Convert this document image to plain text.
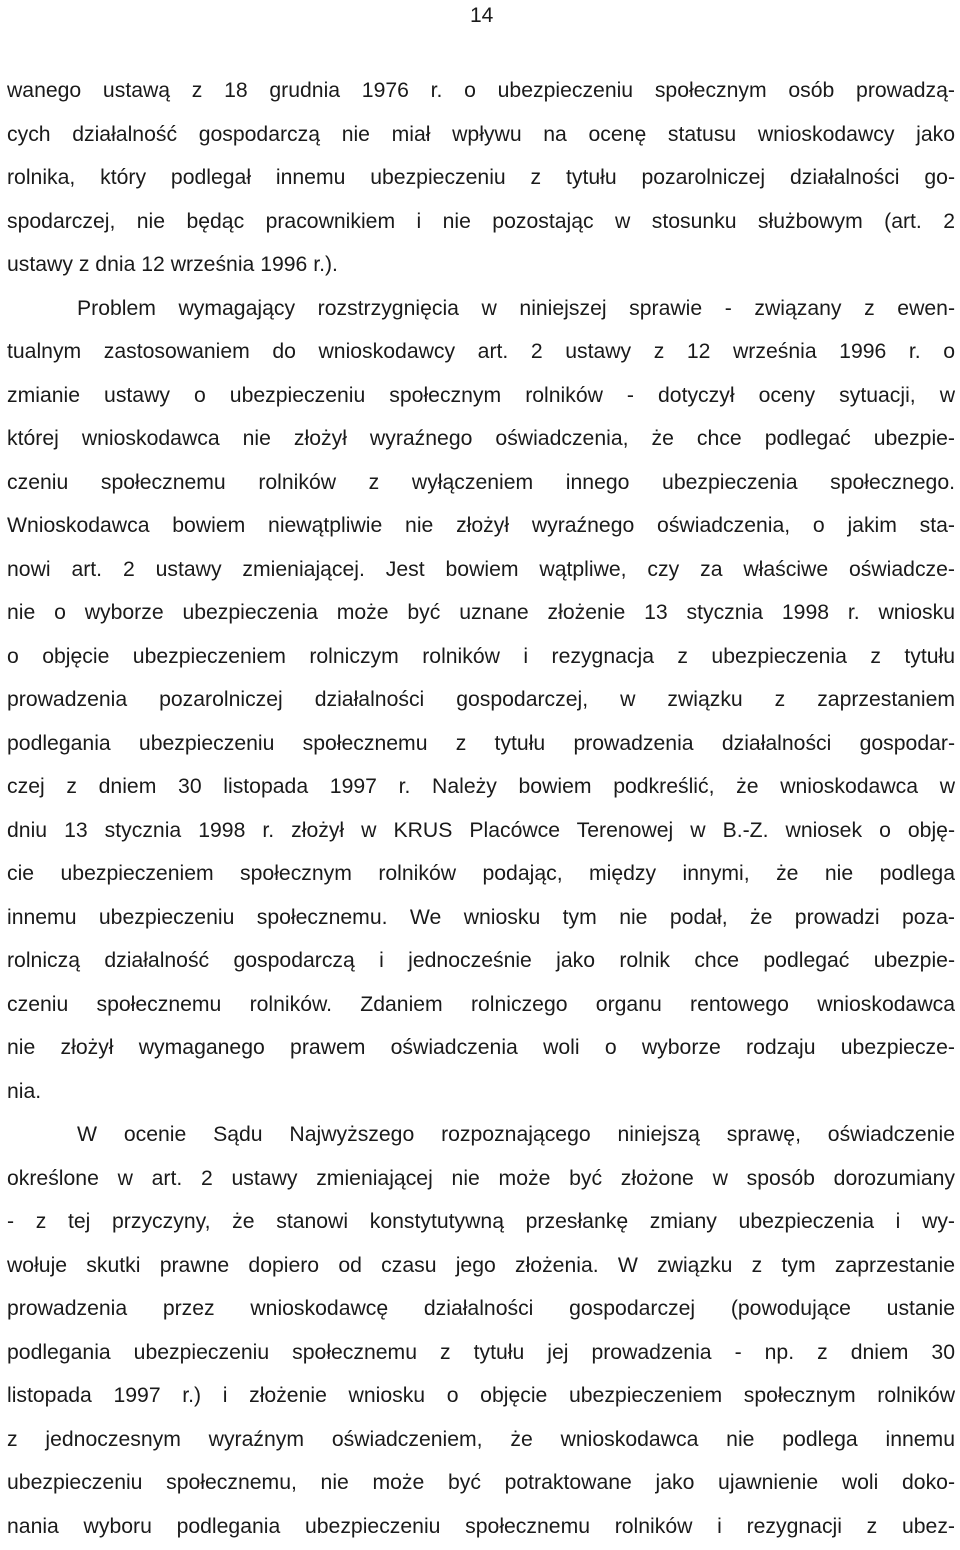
14
wanego ustawą z 18 grudnia 1976 r. o ubezpieczeniu społecznym osób prowadzą-
cych działalność gospodarczą nie miał wpływu na ocenę statusu wnioskodawcy jako
rolnika, który podlegał innemu ubezpieczeniu z tytułu pozarolniczej działalności go-
spodarczej, nie będąc pracownikiem i nie pozostając w stosunku służbowym (art. 2
ustawy z dnia 12 września 1996 r.).
Problem wymagający rozstrzygnięcia w niniejszej sprawie - związany z ewen-
tualnym zastosowaniem do wnioskodawcy art. 2 ustawy z 12 września 1996 r. o
zmianie ustawy o ubezpieczeniu społecznym rolników - dotyczył oceny sytuacji, w
której wnioskodawca nie złożył wyraźnego oświadczenia, że chce podlegać ubezpie-
czeniu społecznemu rolników z wyłączeniem innego ubezpieczenia społecznego.
Wnioskodawca bowiem niewątpliwie nie złożył wyraźnego oświadczenia, o jakim sta-
nowi art. 2 ustawy zmieniającej. Jest bowiem wątpliwe, czy za właściwe oświadcze-
nie o wyborze ubezpieczenia może być uznane złożenie 13 stycznia 1998 r. wniosku
o objęcie ubezpieczeniem rolniczym rolników i rezygnacja z ubezpieczenia z tytułu
prowadzenia pozarolniczej działalności gospodarczej, w związku z zaprzestaniem
podlegania ubezpieczeniu społecznemu z tytułu prowadzenia działalności gospodar-
czej z dniem 30 listopada 1997 r. Należy bowiem podkreślić, że wnioskodawca w
dniu 13 stycznia 1998 r. złożył w KRUS Placówce Terenowej w B.-Z. wniosek o obję-
cie ubezpieczeniem społecznym rolników podając, między innymi, że nie podlega
innemu ubezpieczeniu społecznemu. We wniosku tym nie podał, że prowadzi poza-
rolniczą działalność gospodarczą i jednocześnie jako rolnik chce podlegać ubezpie-
czeniu społecznemu rolników. Zdaniem rolniczego organu rentowego wnioskodawca
nie złożył wymaganego prawem oświadczenia woli o wyborze rodzaju ubezpiecze-
nia.
W ocenie Sądu Najwyższego rozpoznającego niniejszą sprawę, oświadczenie
określone w art. 2 ustawy zmieniającej nie może być złożone w sposób dorozumiany
- z tej przyczyny, że stanowi konstytutywną przesłankę zmiany ubezpieczenia i wy-
wołuje skutki prawne dopiero od czasu jego złożenia. W związku z tym zaprzestanie
prowadzenia przez wnioskodawcę działalności gospodarczej (powodujące ustanie
podlegania ubezpieczeniu społecznemu z tytułu jej prowadzenia - np. z dniem 30
listopada 1997 r.) i złożenie wniosku o objęcie ubezpieczeniem społecznym rolników
z jednoczesnym wyraźnym oświadczeniem, że wnioskodawca nie podlega innemu
ubezpieczeniu społecznemu, nie może być potraktowane jako ujawnienie woli doko-
nania wyboru podlegania ubezpieczeniu społecznemu rolników i rezygnacji z ubez-
